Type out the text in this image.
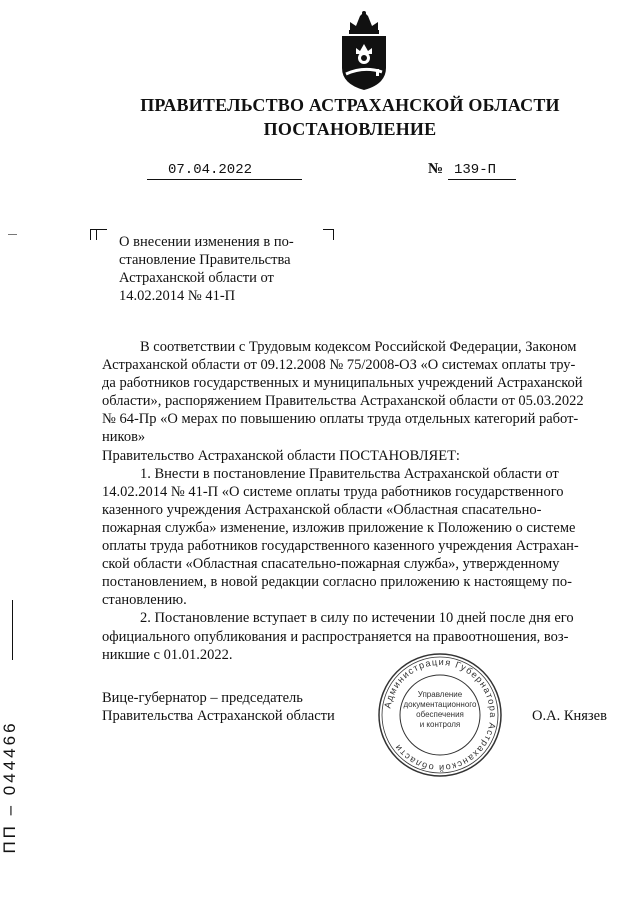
ПРАВИТЕЛЬСТВО АСТРАХАНСКОЙ ОБЛАСТИ
ПОСТАНОВЛЕНИЕ
07.04.2022	№ 139-П
О внесении изменения в по-
становление Правительства
Астраханской области от
14.02.2014 № 41-П
В соответствии с Трудовым кодексом Российской Федерации, Законом
Астраханской области от 09.12.2008 № 75/2008-ОЗ «О системах оплаты тру-
да работников государственных и муниципальных учреждений Астраханской
области», распоряжением Правительства Астраханской области от 05.03.2022
№ 64-Пр «О мерах по повышению оплаты труда отдельных категорий работ-
ников»
Правительство Астраханской области ПОСТАНОВЛЯЕТ:
1. Внести в постановление Правительства Астраханской области от
14.02.2014 № 41-П «О системе оплаты труда работников государственного
казенного учреждения Астраханской области «Областная спасательно-
пожарная служба» изменение, изложив приложение к Положению о системе
оплаты труда работников государственного казенного учреждения Астрахан-
ской области «Областная спасательно-пожарная служба», утвержденному
постановлением, в новой редакции согласно приложению к настоящему по-
становлению.
2. Постановление вступает в силу по истечении 10 дней после дня его
официального опубликования и распространяется на правоотношения, воз-
никшие с 01.01.2022.
Вице-губернатор – председатель
Правительства Астраханской области	О.А. Князев
Администрация Губернатора Астраханской области
Управление
документационного
обеспечения
и контроля
ПП – 044466
